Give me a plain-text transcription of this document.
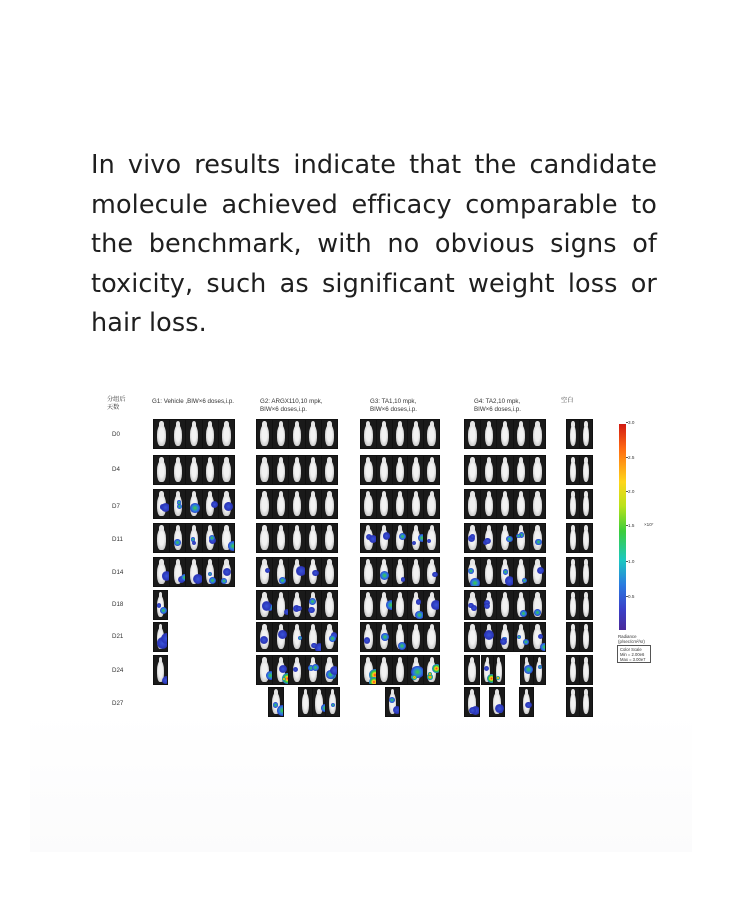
In vivo results indicate that the candidate molecule achieved efficacy comparable to the benchmark, with no obvious signs of toxicity, such as significant weight loss or hair loss.

分组后
天数
G1: Vehicle ,BIW×6 doses,i.p.	G2: ARGX110,10 mpk,
BIW×6 doses,i.p.
G3: TA1,10 mpk,
BIW×6 doses,i.p.
G4: TA2,10 mpk,
BIW×6 doses,i.p.
空白
D0
D4
D7
D11
D14
D18
D21
D24
D27
3.0
2.5
2.0
1.5
1.0
0.5
×10⁷
Radiance
(p/sec/cm²/sr)
Color Scale
Min = 2.00e6
Max = 3.00e7
